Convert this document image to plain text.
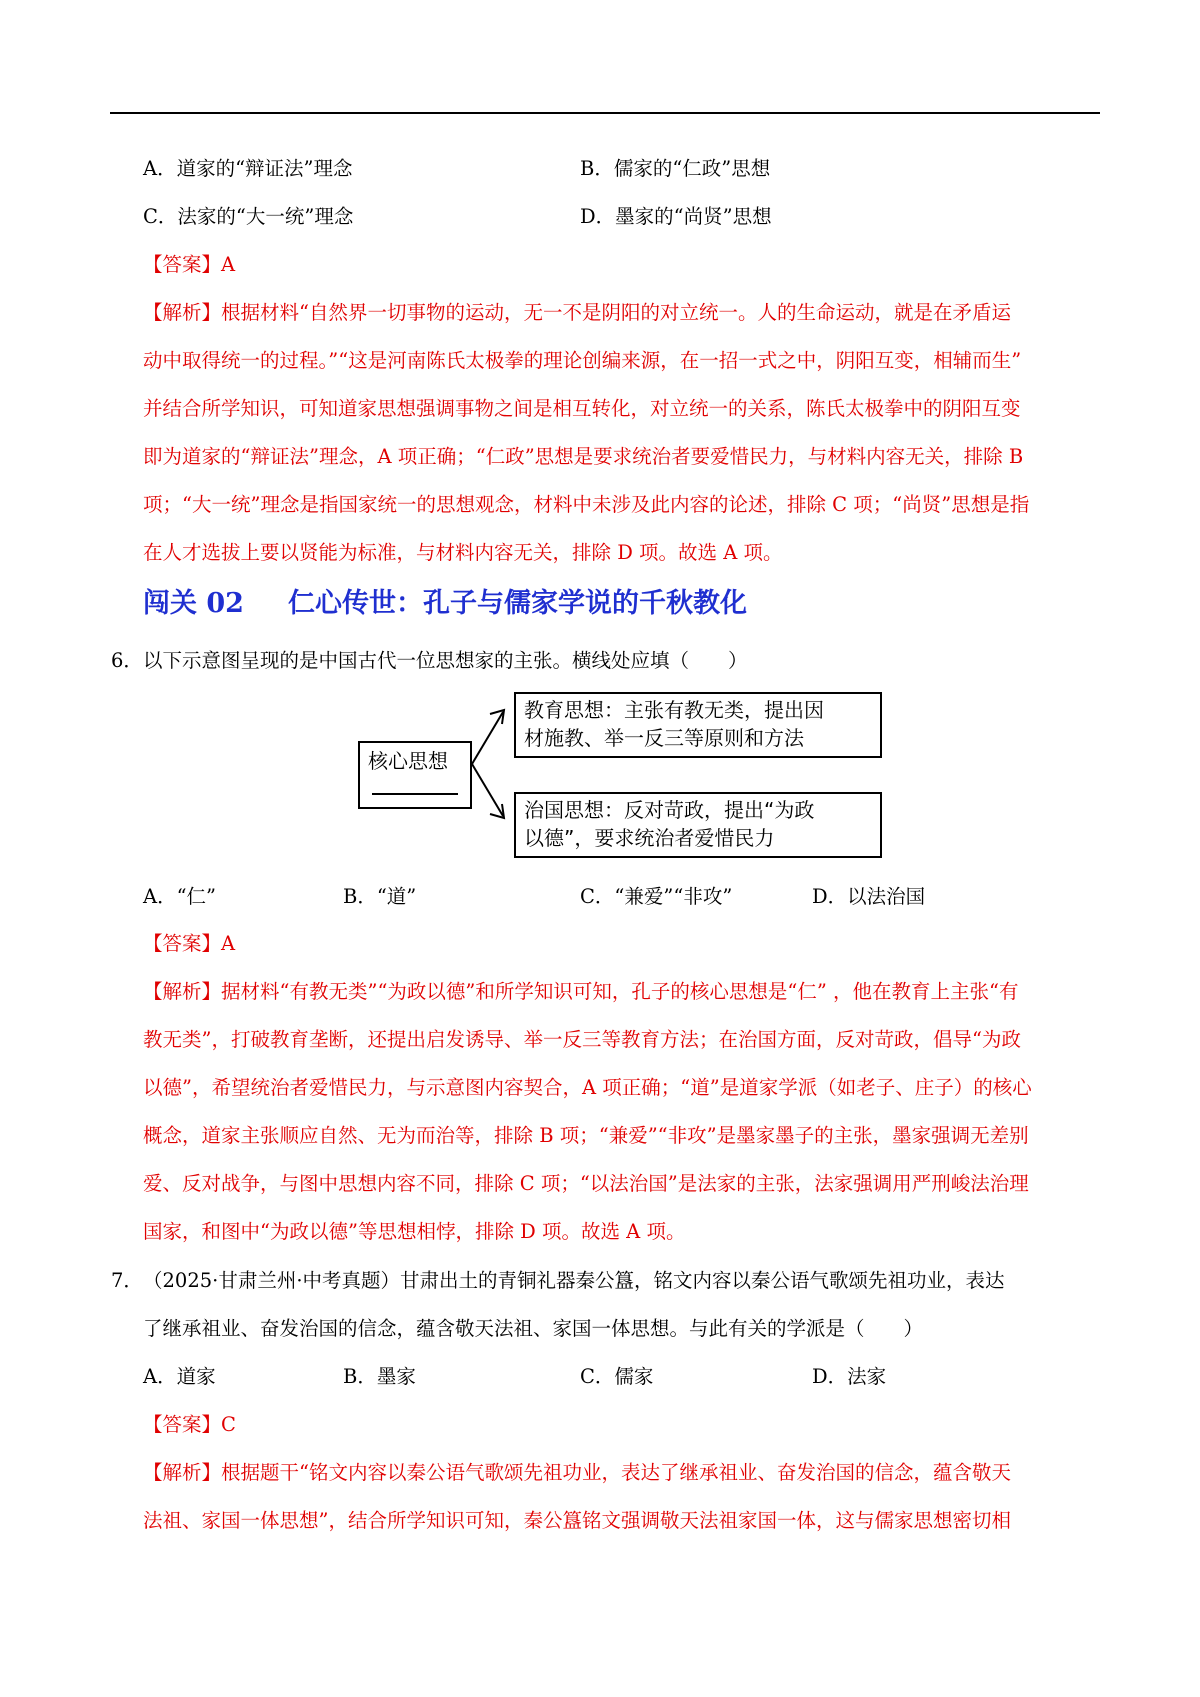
A．道家的“辩证法”理念	B．儒家的“仁政”思想
C．法家的“大一统”理念	D．墨家的“尚贤”思想
【答案】A
【解析】根据材料“自然界一切事物的运动，无一不是阴阳的对立统一。人的生命运动，就是在矛盾运
动中取得统一的过程。”“这是河南陈氏太极拳的理论创编来源，在一招一式之中，阴阳互变，相辅而生”
并结合所学知识，可知道家思想强调事物之间是相互转化，对立统一的关系，陈氏太极拳中的阴阳互变
即为道家的“辩证法”理念，A 项正确；“仁政”思想是要求统治者要爱惜民力，与材料内容无关，排除 B
项；“大一统”理念是指国家统一的思想观念，材料中未涉及此内容的论述，排除 C 项；“尚贤”思想是指
在人才选拔上要以贤能为标准，与材料内容无关，排除 D 项。故选 A 项。
闯关 02 仁心传世：孔子与儒家学说的千秋教化
6． 以下示意图呈现的是中国古代一位思想家的主张。横线处应填（　　）
核心思想
教育思想：主张有教无类，提出因
材施教、举一反三等原则和方法
治国思想：反对苛政，提出“为政
以德”，要求统治者爱惜民力
A．“仁”	B．“道”	C．“兼爱”“非攻”	D．以法治国
【答案】A
【解析】据材料“有教无类”“为政以德”和所学知识可知，孔子的核心思想是“仁” ，他在教育上主张“有
教无类”，打破教育垄断，还提出启发诱导、举一反三等教育方法；在治国方面，反对苛政，倡导“为政
以德”，希望统治者爱惜民力，与示意图内容契合，A 项正确；“道”是道家学派（如老子、庄子）的核心
概念，道家主张顺应自然、无为而治等，排除 B 项；“兼爱”“非攻”是墨家墨子的主张，墨家强调无差别
爱、反对战争，与图中思想内容不同，排除 C 项；“以法治国”是法家的主张，法家强调用严刑峻法治理
国家，和图中“为政以德”等思想相悖，排除 D 项。故选 A 项。
7． （2025·甘肃兰州·中考真题）甘肃出土的青铜礼器秦公簋，铭文内容以秦公语气歌颂先祖功业，表达
了继承祖业、奋发治国的信念，蕴含敬天法祖、家国一体思想。与此有关的学派是（　　）
A．道家	B．墨家	C．儒家	D．法家
【答案】C
【解析】根据题干“铭文内容以秦公语气歌颂先祖功业，表达了继承祖业、奋发治国的信念，蕴含敬天
法祖、家国一体思想”，结合所学知识可知，秦公簋铭文强调敬天法祖家国一体，这与儒家思想密切相
